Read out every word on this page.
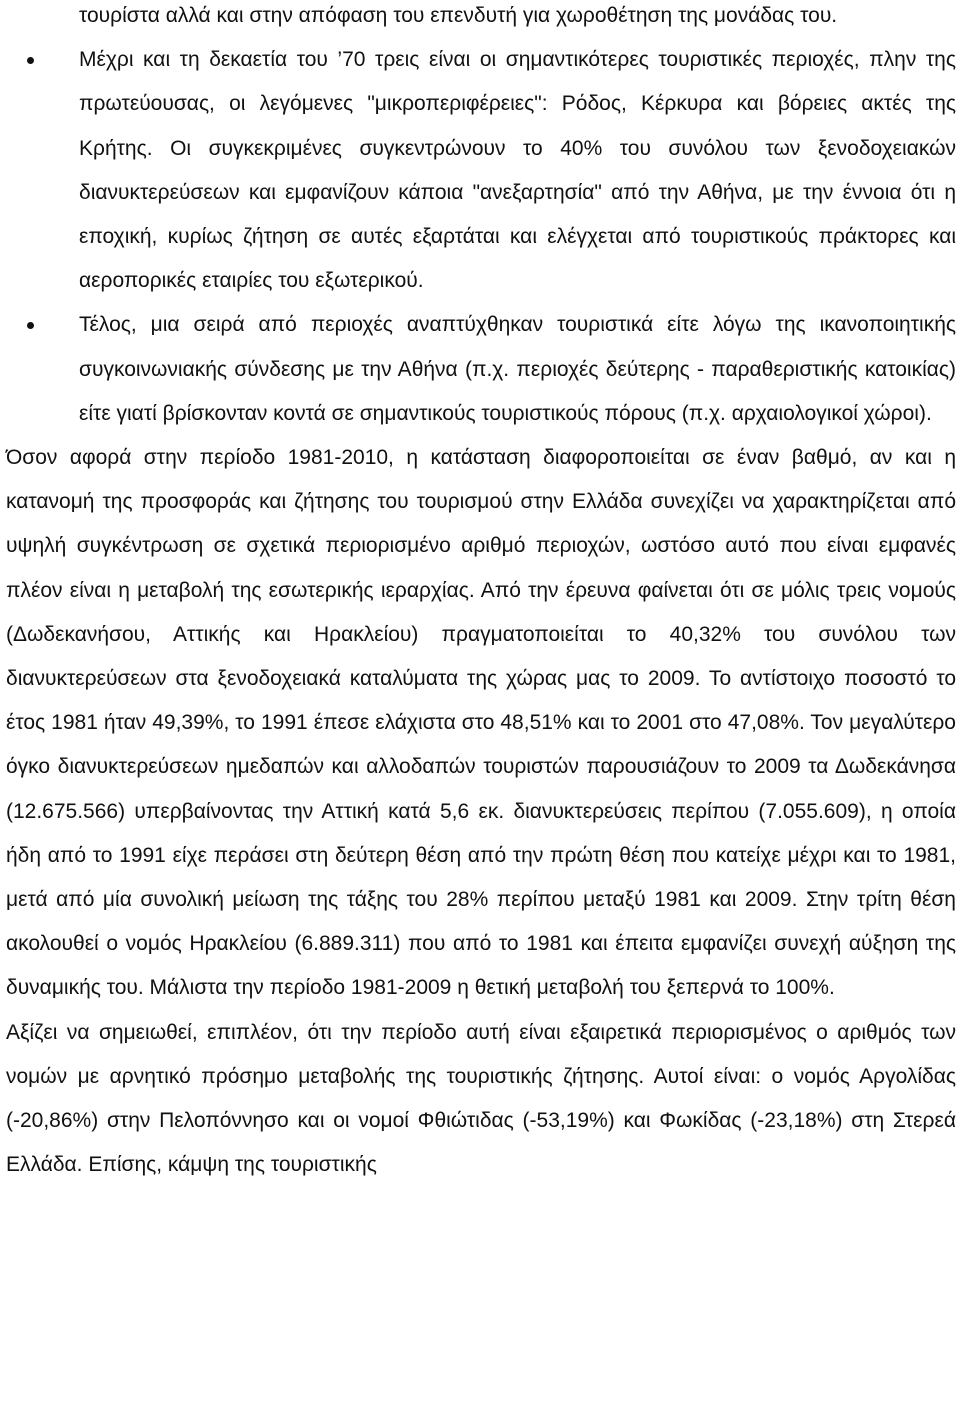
τουρίστα αλλά και στην απόφαση του επενδυτή για χωροθέτηση της μονάδας του.
Μέχρι και τη δεκαετία του ’70 τρεις είναι οι σημαντικότερες τουριστικές περιοχές, πλην της πρωτεύουσας, οι λεγόμενες "μικροπεριφέρειες": Ρόδος, Κέρκυρα και βόρειες ακτές της Κρήτης. Οι συγκεκριμένες συγκεντρώνουν το 40% του συνόλου των ξενοδοχειακών διανυκτερεύσεων και εμφανίζουν κάποια "ανεξαρτησία" από την Αθήνα, με την έννοια ότι η εποχική, κυρίως ζήτηση σε αυτές εξαρτάται και ελέγχεται από τουριστικούς πράκτορες και αεροπορικές εταιρίες του εξωτερικού.
Τέλος, μια σειρά από περιοχές αναπτύχθηκαν τουριστικά είτε λόγω της ικανοποιητικής συγκοινωνιακής σύνδεσης με την Αθήνα (π.χ. περιοχές δεύτερης - παραθεριστικής κατοικίας) είτε γιατί βρίσκονταν κοντά σε σημαντικούς τουριστικούς πόρους (π.χ. αρχαιολογικοί χώροι).

Όσον αφορά στην περίοδο 1981-2010, η κατάσταση διαφοροποιείται σε έναν βαθμό, αν και η κατανομή της προσφοράς και ζήτησης του τουρισμού στην Ελλάδα συνεχίζει να χαρακτηρίζεται από υψηλή συγκέντρωση σε σχετικά περιορισμένο αριθμό περιοχών, ωστόσο αυτό που είναι εμφανές πλέον είναι η μεταβολή της εσωτερικής ιεραρχίας. Από την έρευνα φαίνεται ότι σε μόλις τρεις νομούς (Δωδεκανήσου, Αττικής και Ηρακλείου) πραγματοποιείται το 40,32% του συνόλου των διανυκτερεύσεων στα ξενοδοχειακά καταλύματα της χώρας μας το 2009. Το αντίστοιχο ποσοστό το έτος 1981 ήταν 49,39%, το 1991 έπεσε ελάχιστα στο 48,51% και το 2001 στο 47,08%. Τον μεγαλύτερο όγκο διανυκτερεύσεων ημεδαπών και αλλοδαπών τουριστών παρουσιάζουν το 2009 τα Δωδεκάνησα (12.675.566) υπερβαίνοντας την Αττική κατά 5,6 εκ. διανυκτερεύσεις περίπου (7.055.609), η οποία ήδη από το 1991 είχε περάσει στη δεύτερη θέση από την πρώτη θέση που κατείχε μέχρι και το 1981, μετά από μία συνολική μείωση της τάξης του 28% περίπου μεταξύ 1981 και 2009. Στην τρίτη θέση ακολουθεί ο νομός Ηρακλείου (6.889.311) που από το 1981 και έπειτα εμφανίζει συνεχή αύξηση της δυναμικής του. Μάλιστα την περίοδο 1981-2009 η θετική μεταβολή του ξεπερνά το 100%.

Αξίζει να σημειωθεί, επιπλέον, ότι την περίοδο αυτή είναι εξαιρετικά περιορισμένος ο αριθμός των νομών με αρνητικό πρόσημο μεταβολής της τουριστικής ζήτησης. Αυτοί είναι: ο νομός Αργολίδας (-20,86%) στην Πελοπόννησο και οι νομοί Φθιώτιδας (-53,19%) και Φωκίδας (-23,18%) στη Στερεά Ελλάδα. Επίσης, κάμψη της τουριστικής
